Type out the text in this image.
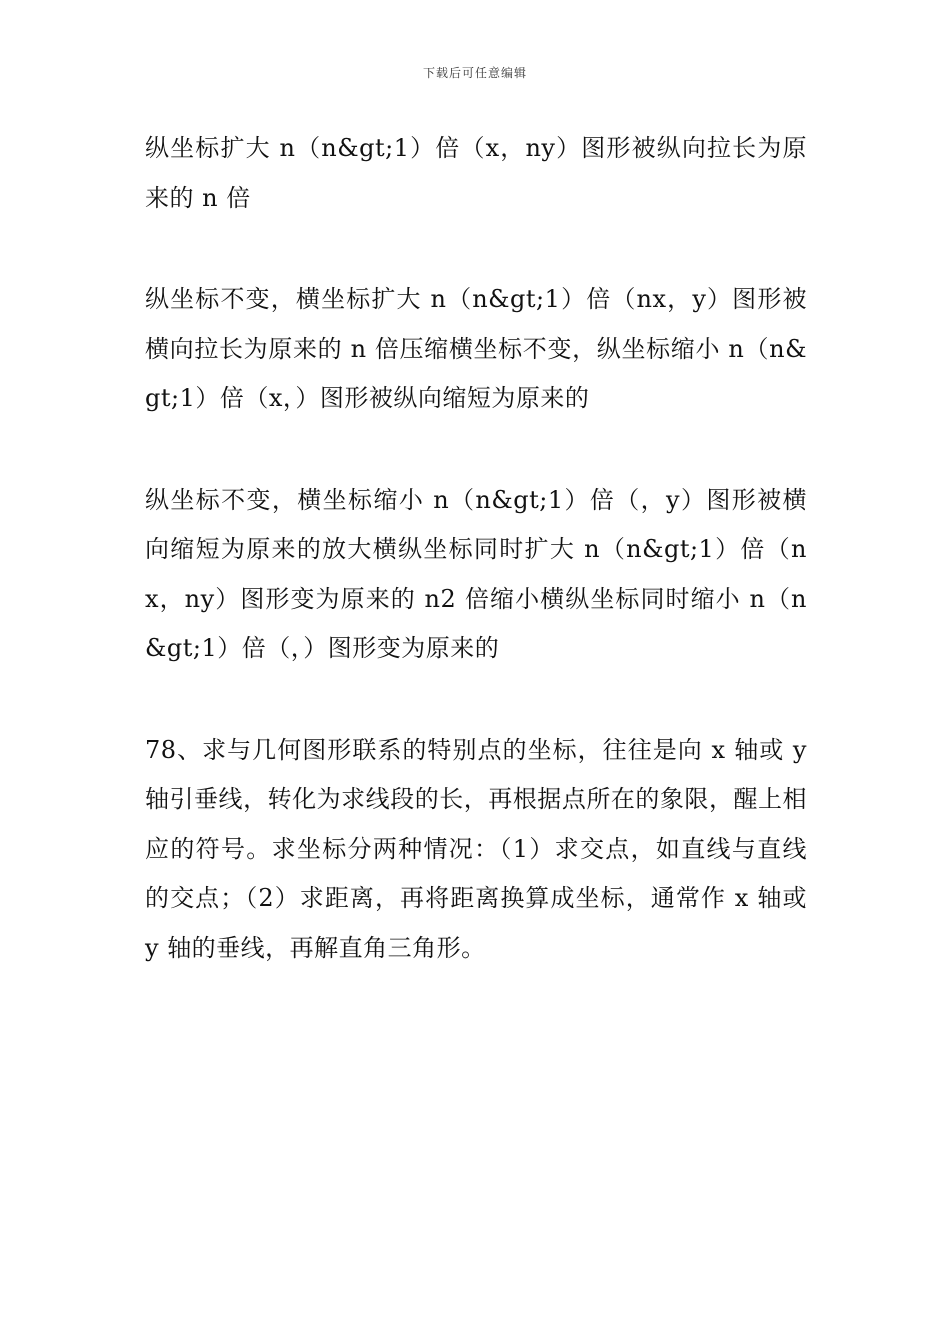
下载后可任意编辑

纵坐标扩大 n（n&gt;1）倍（x，ny）图形被纵向拉长为原来的 n 倍

纵坐标不变，横坐标扩大 n（n&gt;1）倍（nx，y）图形被横向拉长为原来的 n 倍压缩横坐标不变，纵坐标缩小 n（n&gt;1）倍（x，）图形被纵向缩短为原来的

纵坐标不变，横坐标缩小 n（n&gt;1）倍（，y）图形被横向缩短为原来的放大横纵坐标同时扩大 n（n&gt;1）倍（nx，ny）图形变为原来的 n2 倍缩小横纵坐标同时缩小 n（n&gt;1）倍（，）图形变为原来的

78、求与几何图形联系的特别点的坐标，往往是向 x 轴或 y 轴引垂线，转化为求线段的长，再根据点所在的象限，醒上相应的符号。求坐标分两种情况：（1）求交点，如直线与直线的交点；（2）求距离，再将距离换算成坐标，通常作 x 轴或 y 轴的垂线，再解直角三角形。
